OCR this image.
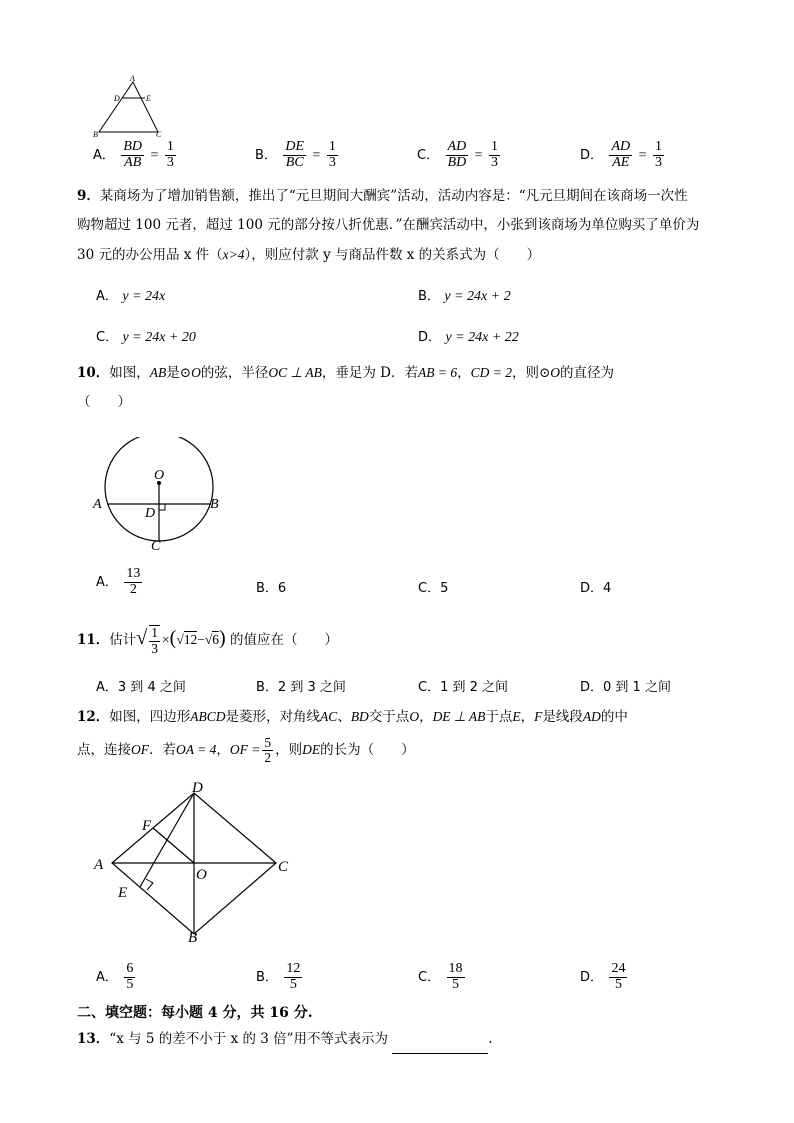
A
D	E
B	C
A． $\frac{BD}{AB} = \frac{1}{3}$	B． $\frac{DE}{BC} = \frac{1}{3}$	C． $\frac{AD}{BD} = \frac{1}{3}$	D． $\frac{AD}{AE} = \frac{1}{3}$
9．某商场为了增加销售额，推出了“元旦期间大酬宾”活动，活动内容是：“凡元旦期间在该商场一次性
购物超过 100 元者，超过 100 元的部分按八折优惠．”在酬宾活动中，小张到该商场为单位购买了单价为
30 元的办公用品 x 件（x>4），则应付款 y 与商品件数 x 的关系式为（　　）
A． y = 24x	B． y = 24x + 2
C． y = 24x + 20	D． y = 24x + 22
10．如图，AB是⊙O的弦，半径OC ⊥ AB，垂足为 D．若AB = 6，CD = 2，则⊙O的直径为
（　　）
O
A	B
D
C
A． $\frac{13}{2}$	B．6	C．5	D．4
11．估计√ $\frac{1}{3} \times(√12-√6)$ 的值应在（　　）
A．3 到 4 之间	B．2 到 3 之间	C．1 到 2 之间	D．0 到 1 之间
12．如图，四边形ABCD是菱形，对角线AC、BD交于点O，DE ⊥ AB于点E，F是线段AD的中
点，连接OF．若OA = 4，OF = $\frac{5}{2}$ ，则DE的长为（　　）
D
F
A
O	C
E
B
A． $\frac{6}{5}$	B． $\frac{12}{5}$	C． $\frac{18}{5}$	D． $\frac{24}{5}$
二、填空题：每小题 4 分，共 16 分.
13．“x 与 5 的差不小于 x 的 3 倍”用不等式表示为	.
